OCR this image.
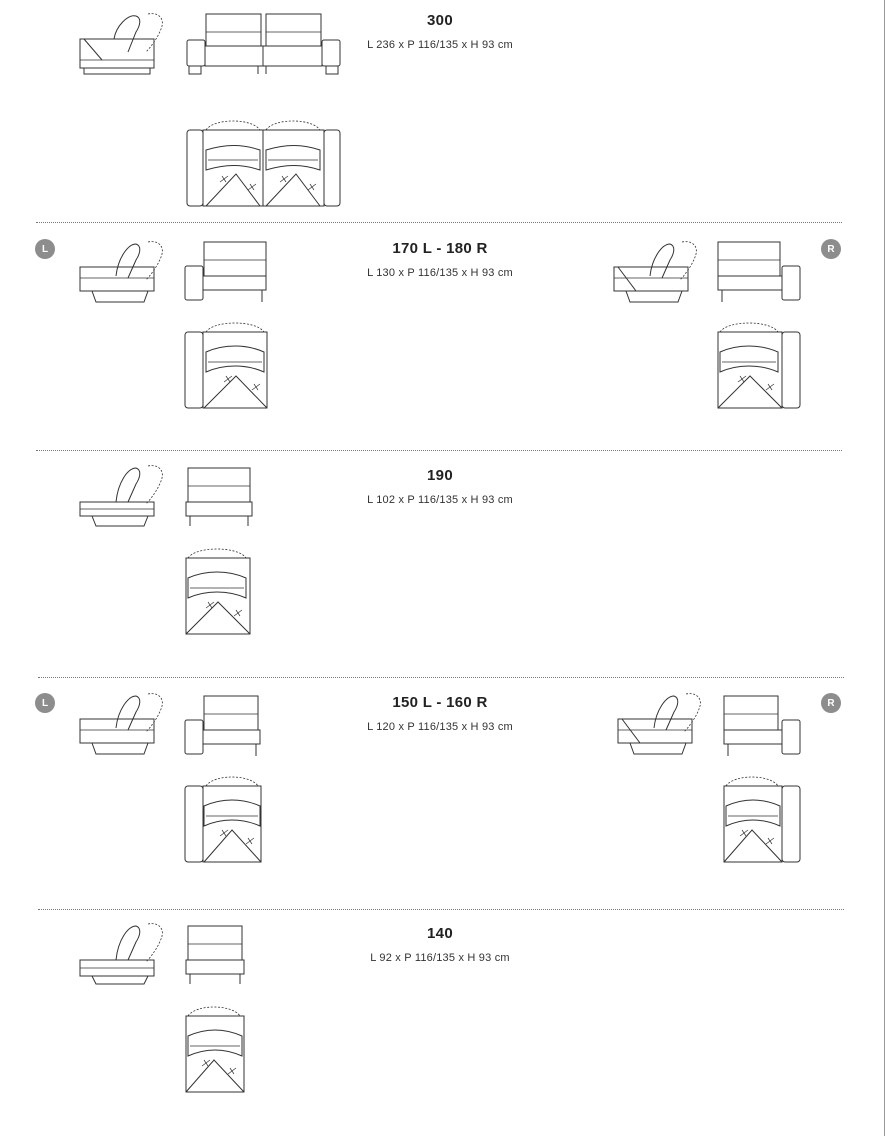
300
L 236 x P 116/135 x H 93 cm
L	170 L - 180 R
L 130 x P 116/135 x H 93 cm
R
190
L 102 x P 116/135 x H 93 cm
L	150 L - 160 R
L 120 x P 116/135 x H 93 cm
R
140
L 92 x P 116/135 x H 93 cm
